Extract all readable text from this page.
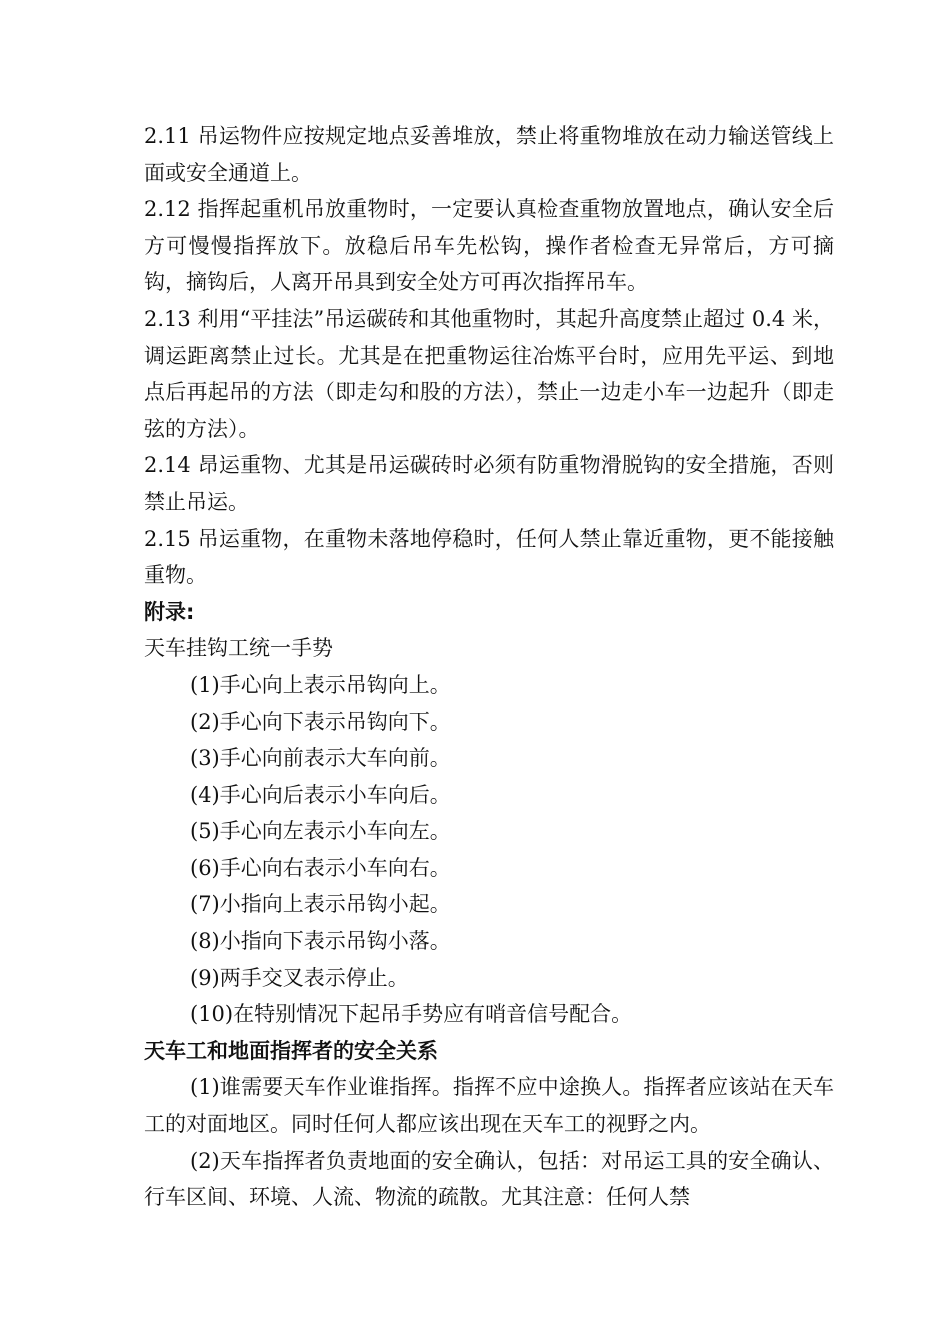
2.11 吊运物件应按规定地点妥善堆放，禁止将重物堆放在动力输送管线上面或安全通道上。

2.12 指挥起重机吊放重物时，一定要认真检查重物放置地点，确认安全后方可慢慢指挥放下。放稳后吊车先松钩，操作者检查无异常后，方可摘钩，摘钩后，人离开吊具到安全处方可再次指挥吊车。

2.13 利用“平挂法”吊运碳砖和其他重物时，其起升高度禁止超过 0.4 米，调运距离禁止过长。尤其是在把重物运往冶炼平台时，应用先平运、到地点后再起吊的方法（即走勾和股的方法），禁止一边走小车一边起升（即走弦的方法）。

2.14 昂运重物、尤其是吊运碳砖时必须有防重物滑脱钩的安全措施，否则禁止吊运。

2.15 吊运重物，在重物未落地停稳时，任何人禁止靠近重物，更不能接触重物。

附录:

天车挂钩工统一手势

(1)手心向上表示吊钩向上。
(2)手心向下表示吊钩向下。
(3)手心向前表示大车向前。
(4)手心向后表示小车向后。
(5)手心向左表示小车向左。
(6)手心向右表示小车向右。
(7)小指向上表示吊钩小起。
(8)小指向下表示吊钩小落。
(9)两手交叉表示停止。
(10)在特别情况下起吊手势应有哨音信号配合。

天车工和地面指挥者的安全关系

(1)谁需要天车作业谁指挥。指挥不应中途换人。指挥者应该站在天车工的对面地区。同时任何人都应该出现在天车工的视野之内。

(2)天车指挥者负责地面的安全确认，包括：对吊运工具的安全确认、行车区间、环境、人流、物流的疏散。尤其注意：任何人禁
